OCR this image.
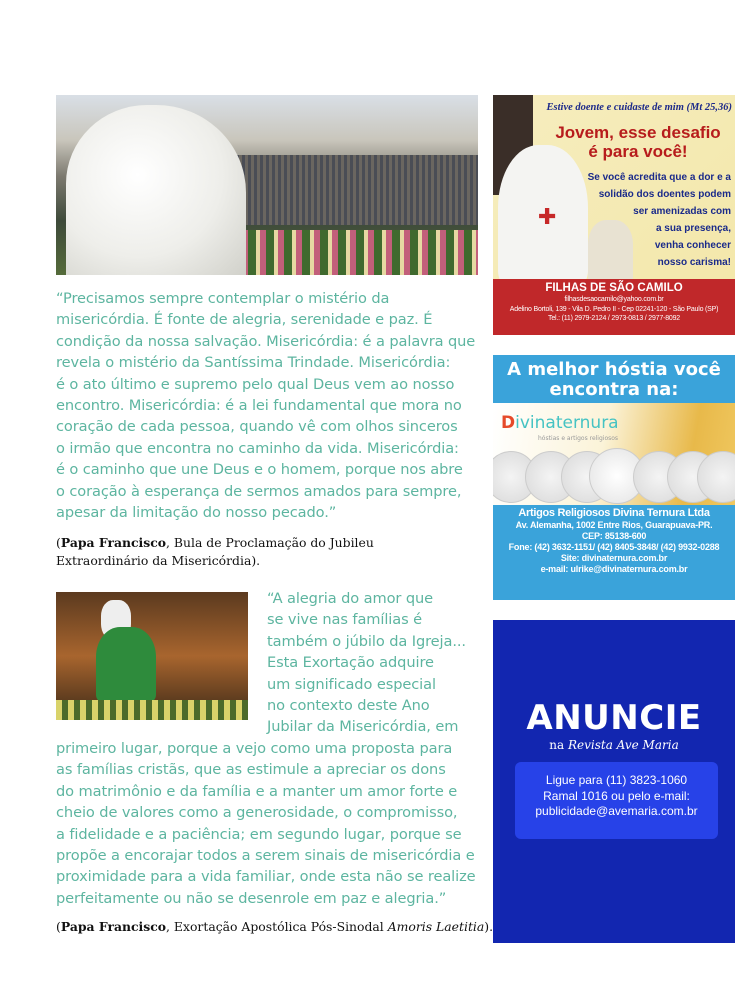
“Precisamos sempre contemplar o mistério da
misericórdia. É fonte de alegria, serenidade e paz. É
condição da nossa salvação. Misericórdia: é a palavra que
revela o mistério da Santíssima Trindade. Misericórdia:
é o ato último e supremo pelo qual Deus vem ao nosso
encontro. Misericórdia: é a lei fundamental que mora no
coração de cada pessoa, quando vê com olhos sinceros
o irmão que encontra no caminho da vida. Misericórdia:
é o caminho que une Deus e o homem, porque nos abre
o coração à esperança de sermos amados para sempre,
apesar da limitação do nosso pecado.”
(Papa Francisco, Bula de Proclamação do Jubileu
Extraordinário da Misericórdia).
“A alegria do amor que
se vive nas famílias é
também o júbilo da Igreja...
Esta Exortação adquire
um significado especial
no contexto deste Ano
Jubilar da Misericórdia, em
primeiro lugar, porque a vejo como uma proposta para
as famílias cristãs, que as estimule a apreciar os dons
do matrimônio e da família e a manter um amor forte e
cheio de valores como a generosidade, o compromisso,
a fidelidade e a paciência; em segundo lugar, porque se
propõe a encorajar todos a serem sinais de misericórdia e
proximidade para a vida familiar, onde esta não se realize
perfeitamente ou não se desenrole em paz e alegria.”
(Papa Francisco, Exortação Apostólica Pós-Sinodal Amoris Laetitia).
✚
Estive doente e cuidaste de mim (Mt 25,36)
Jovem, esse desafio
é para você!
Se você acredita que a dor e a
solidão dos doentes podem
ser amenizadas com
a sua presença,
venha conhecer
nosso carisma!
FILHAS DE SÃO CAMILO
filhasdesaocamilo@yahoo.com.br
Adelino Bortoli, 139 - Vila D. Pedro II - Cep 02241-120 - São Paulo (SP)
Tel.: (11) 2979-2124 / 2973-0813 / 2977-8092
A melhor hóstia você
encontra na:
Divinaternura
hóstias e artigos religiosos
Artigos Religiosos Divina Ternura Ltda
Av. Alemanha, 1002 Entre Rios, Guarapuava-PR.
CEP: 85138-600
Fone: (42) 3632-1151/ (42) 8405-3848/ (42) 9932-0288
Site: divinaternura.com.br
e-mail: ulrike@divinaternura.com.br
ANUNCIE
na Revista Ave Maria
Ligue para (11) 3823-1060
Ramal 1016 ou pelo e-mail:
publicidade@avemaria.com.br
